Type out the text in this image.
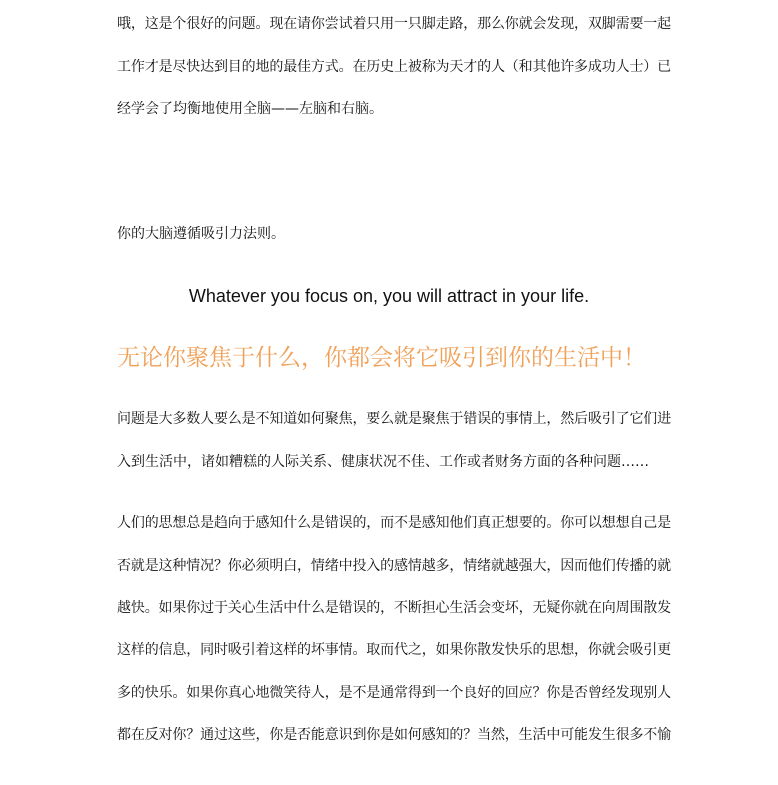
哦，这是个很好的问题。现在请你尝试着只用一只脚走路，那么你就会发现，双脚需要一起
工作才是尽快达到目的地的最佳方式。在历史上被称为天才的人（和其他许多成功人士）已
经学会了均衡地使用全脑——左脑和右脑。
你的大脑遵循吸引力法则。
Whatever you focus on, you will attract in your life.
无论你聚焦于什么，你都会将它吸引到你的生活中！
问题是大多数人要么是不知道如何聚焦，要么就是聚焦于错误的事情上，然后吸引了它们进
入到生活中，诸如糟糕的人际关系、健康状况不佳、工作或者财务方面的各种问题……
人们的思想总是趋向于感知什么是错误的，而不是感知他们真正想要的。你可以想想自己是
否就是这种情况？你必须明白，情绪中投入的感情越多，情绪就越强大，因而他们传播的就
越快。如果你过于关心生活中什么是错误的，不断担心生活会变坏，无疑你就在向周围散发
这样的信息，同时吸引着这样的坏事情。取而代之，如果你散发快乐的思想，你就会吸引更
多的快乐。如果你真心地微笑待人，是不是通常得到一个良好的回应？你是否曾经发现别人
都在反对你？通过这些，你是否能意识到你是如何感知的？当然，生活中可能发生很多不愉
